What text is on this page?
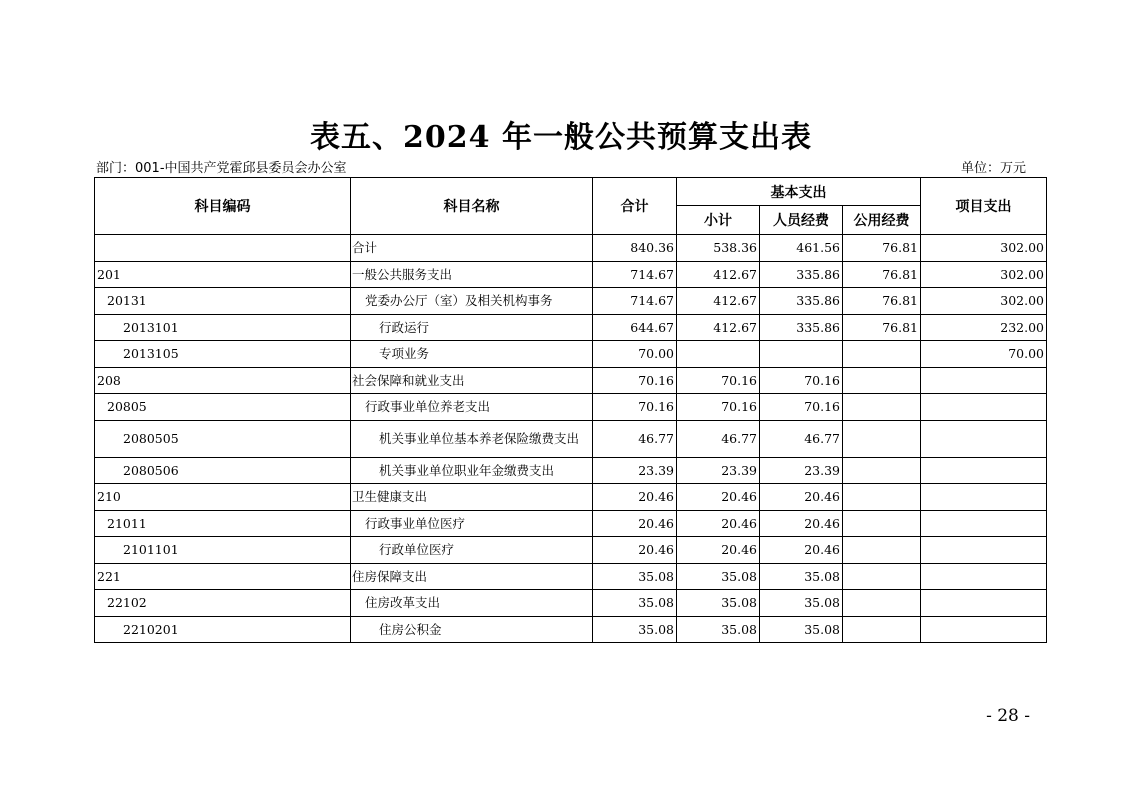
表五、2024 年一般公共预算支出表
部门：001-中国共产党霍邱县委员会办公室	单位：万元
科目编码	科目名称	合计	基本支出			项目支出
			小计	人员经费	公用经费	
	合计	840.36	538.36	461.56	76.81	302.00
201	一般公共服务支出	714.67	412.67	335.86	76.81	302.00
20131	党委办公厅（室）及相关机构事务	714.67	412.67	335.86	76.81	302.00
2013101	行政运行	644.67	412.67	335.86	76.81	232.00
2013105	专项业务	70.00				70.00
208	社会保障和就业支出	70.16	70.16	70.16		
20805	行政事业单位养老支出	70.16	70.16	70.16		
2080505	机关事业单位基本养老保险缴费支出	46.77	46.77	46.77		
2080506	机关事业单位职业年金缴费支出	23.39	23.39	23.39		
210	卫生健康支出	20.46	20.46	20.46		
21011	行政事业单位医疗	20.46	20.46	20.46		
2101101	行政单位医疗	20.46	20.46	20.46		
221	住房保障支出	35.08	35.08	35.08		
22102	住房改革支出	35.08	35.08	35.08		
2210201	住房公积金	35.08	35.08	35.08		
- 28 -
